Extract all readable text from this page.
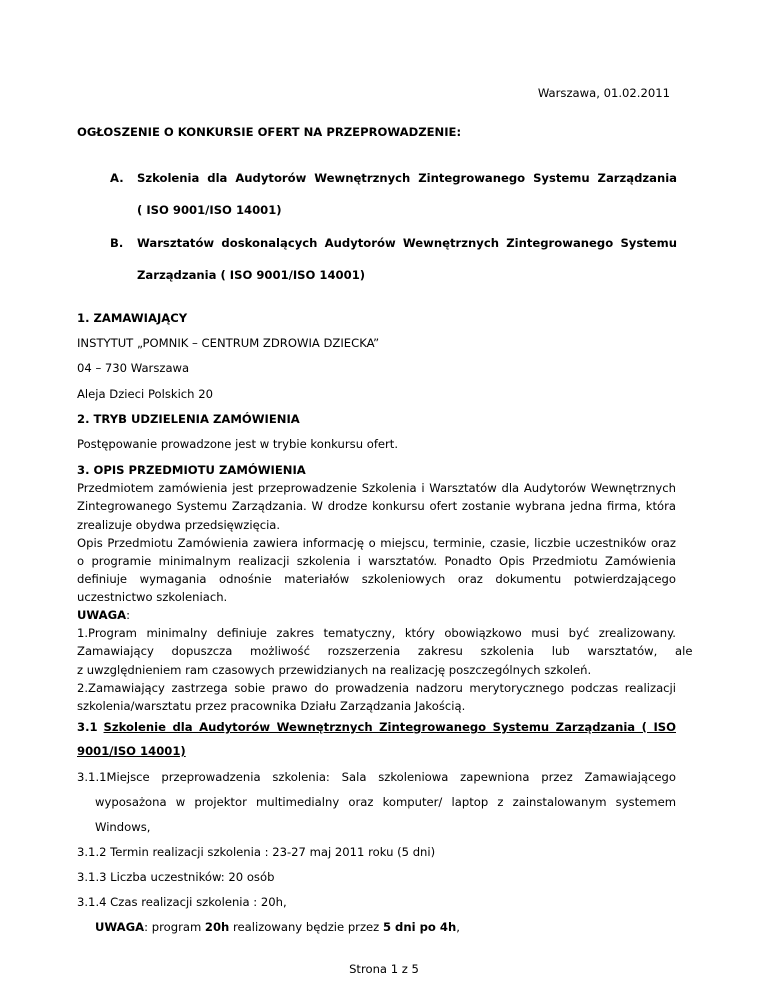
Warszawa, 01.02.2011
OGŁOSZENIE O KONKURSIE OFERT NA PRZEPROWADZENIE:
A. Szkolenia dla Audytorów Wewnętrznych Zintegrowanego Systemu Zarządzania
( ISO 9001/ISO 14001)
B. Warsztatów doskonalących Audytorów Wewnętrznych Zintegrowanego Systemu
Zarządzania ( ISO 9001/ISO 14001)
1. ZAMAWIAJĄCY
INSTYTUT „POMNIK – CENTRUM ZDROWIA DZIECKA”
04 – 730 Warszawa
Aleja Dzieci Polskich 20
2. TRYB UDZIELENIA ZAMÓWIENIA
Postępowanie prowadzone jest w trybie konkursu ofert.
3. OPIS PRZEDMIOTU ZAMÓWIENIA
Przedmiotem zamówienia jest przeprowadzenie Szkolenia i Warsztatów dla Audytorów Wewnętrznych
Zintegrowanego Systemu Zarządzania. W drodze konkursu ofert zostanie wybrana jedna firma, która
zrealizuje obydwa przedsięwzięcia.
Opis Przedmiotu Zamówienia zawiera informację o miejscu, terminie, czasie, liczbie uczestników oraz
o programie minimalnym realizacji szkolenia i warsztatów. Ponadto Opis Przedmiotu Zamówienia
definiuje wymagania odnośnie materiałów szkoleniowych oraz dokumentu potwierdzającego
uczestnictwo szkoleniach.
UWAGA:
1.Program minimalny definiuje zakres tematyczny, który obowiązkowo musi być zrealizowany.
Zamawiający dopuszcza możliwość rozszerzenia zakresu szkolenia lub warsztatów, ale
z uwzględnieniem ram czasowych przewidzianych na realizację poszczególnych szkoleń.
2.Zamawiający zastrzega sobie prawo do prowadzenia nadzoru merytorycznego podczas realizacji
szkolenia/warsztatu przez pracownika Działu Zarządzania Jakością.
3.1 Szkolenie dla Audytorów Wewnętrznych Zintegrowanego Systemu Zarządzania ( ISO
9001/ISO 14001)
3.1.1Miejsce przeprowadzenia szkolenia: Sala szkoleniowa zapewniona przez Zamawiającego
wyposażona w projektor multimedialny oraz komputer/ laptop z zainstalowanym systemem
Windows,
3.1.2 Termin realizacji szkolenia : 23-27 maj 2011 roku (5 dni)
3.1.3 Liczba uczestników: 20 osób
3.1.4 Czas realizacji szkolenia : 20h,
UWAGA: program 20h realizowany będzie przez 5 dni po 4h,
Strona 1 z 5
